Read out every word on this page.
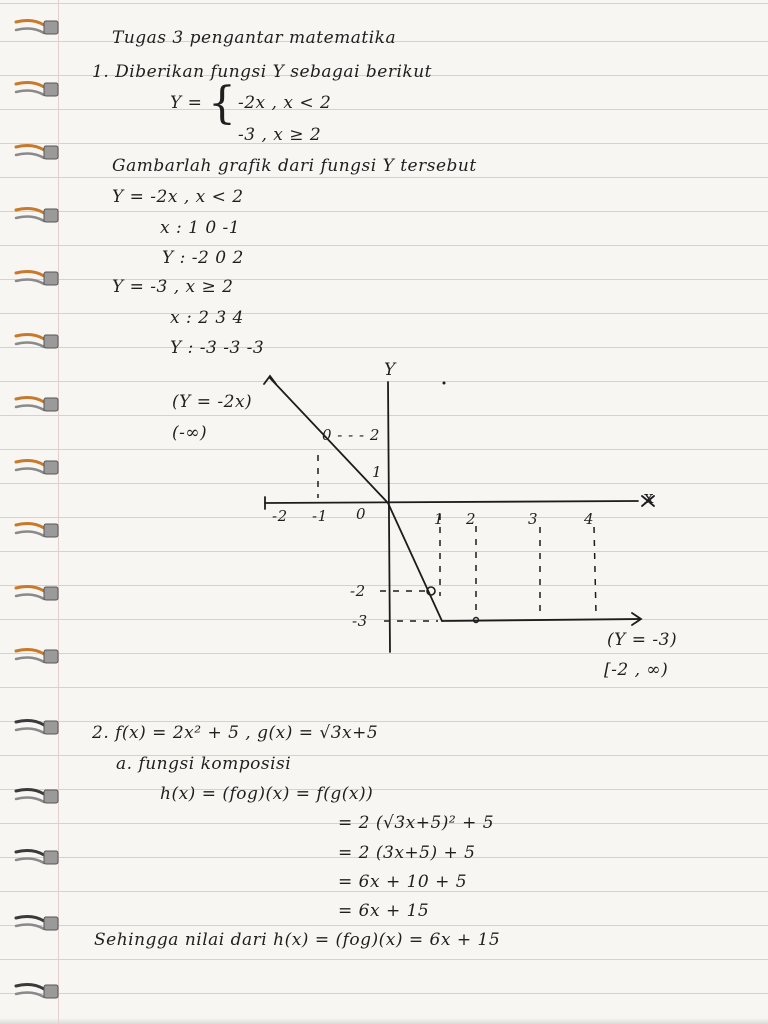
Tugas 3 pengantar matematika
1. Diberikan fungsi Y sebagai berikut
Y = { -2x , x < 2
-3 , x ≥ 2
Gambarlah grafik dari fungsi Y tersebut
Y = -2x , x < 2
x : 1 0 -1
Y : -2 0 2
Y = -3 , x ≥ 2
x : 2 3 4
Y : -3 -3 -3
Y
(Y = -2x)
(-∞)	0 - - - 2
1
-2 -1 0	1 2	3	4
-2
-3
(Y = -3)
[-2 , ∞)
x
2. f(x) = 2x² + 5 , g(x) = √3x+5
a. fungsi komposisi
h(x) = (fog)(x) = f(g(x))
= 2 (√3x+5)² + 5
= 2 (3x+5) + 5
= 6x + 10 + 5
= 6x + 15
Sehingga nilai dari h(x) = (fog)(x) = 6x + 15
